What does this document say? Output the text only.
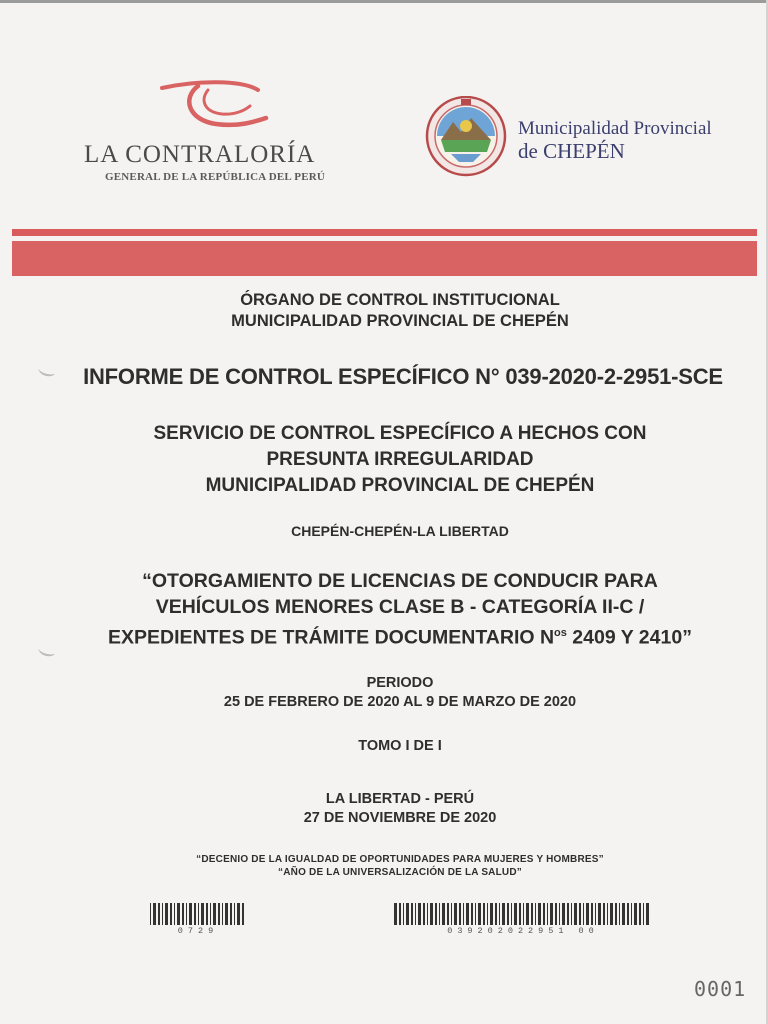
LA CONTRALORÍA
GENERAL DE LA REPÚBLICA DEL PERÚ
Municipalidad Provincial
de CHEPÉN
ÓRGANO DE CONTROL INSTITUCIONAL
MUNICIPALIDAD PROVINCIAL DE CHEPÉN
INFORME DE CONTROL ESPECÍFICO N° 039-2020-2-2951-SCE
SERVICIO DE CONTROL ESPECÍFICO A HECHOS CON
PRESUNTA IRREGULARIDAD
MUNICIPALIDAD PROVINCIAL DE CHEPÉN
CHEPÉN-CHEPÉN-LA LIBERTAD
“OTORGAMIENTO DE LICENCIAS DE CONDUCIR PARA
VEHÍCULOS MENORES CLASE B - CATEGORÍA II-C /
EXPEDIENTES DE TRÁMITE DOCUMENTARIO $N^{os}$ 2409 Y 2410”
PERIODO
25 DE FEBRERO DE 2020 AL 9 DE MARZO DE 2020
TOMO I DE I
LA LIBERTAD - PERÚ
27 DE NOVIEMBRE DE 2020
“DECENIO DE LA IGUALDAD DE OPORTUNIDADES PARA MUJERES Y HOMBRES”
“AÑO DE LA UNIVERSALIZACIÓN DE LA SALUD”
0729	039202022951 00
0001
